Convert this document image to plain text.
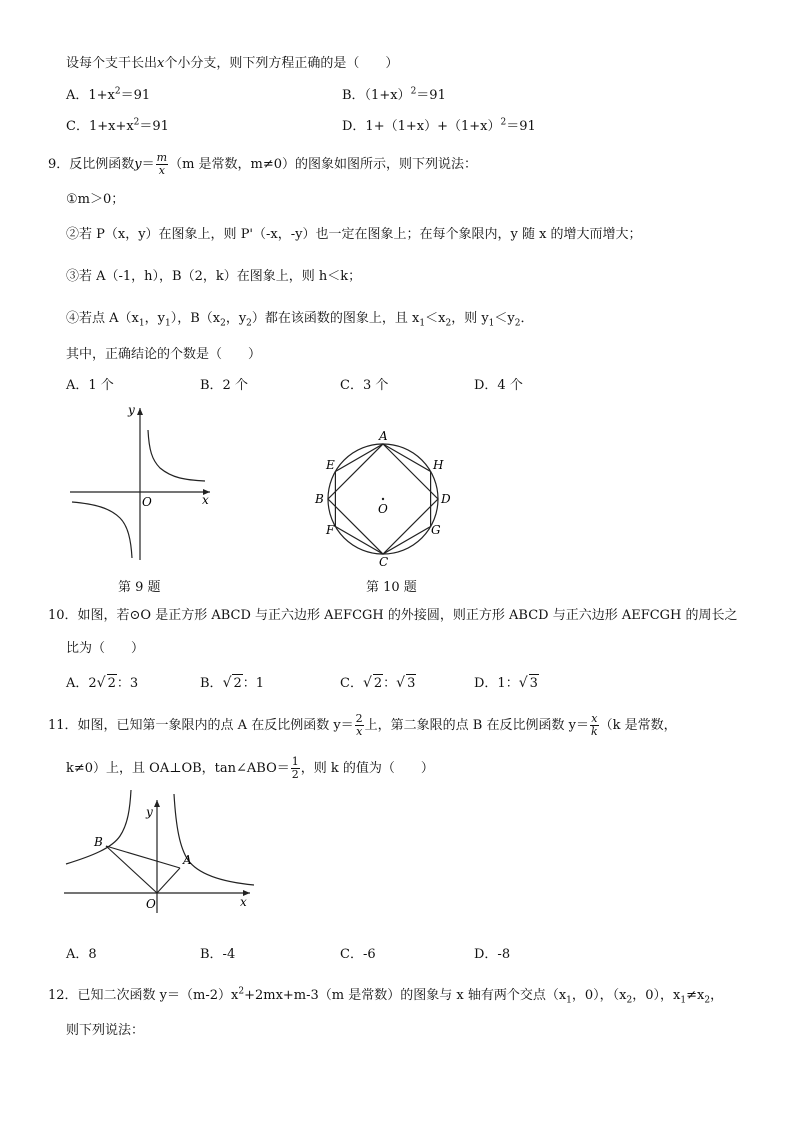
设每个支干长出x个小分支，则下列方程正确的是（　　）
A．$1+x^2=91$	B．$(1+x)^2=91$
C．$1+x+x^2=91$	D．$1+(1+x)+(1+x)^2=91$
9．反比例函数$y= \frac{m}{x} (m$ 是常数，m≠0）的图象如图所示，则下列说法：
①m＞0；
②若 P（x，y）在图象上，则 P'（-x，-y）也一定在图象上；在每个象限内，y 随 x 的增大而增大；
③若 A（-1，h），B（2，k）在图象上，则 h＜k；
④若点 $A(x_1$，$y_1$），$B(x_2$，$y_2$）都在该函数的图象上，且 $x_1<x_2$，则 $y_1<y_2$．
其中，正确结论的个数是（　　）
A．1 个	B．2 个	C．3 个	D．4 个
y
x
O
第 9 题
A
H
E
B	D
F	G
C
O
第 10 题
10．如图，若⊙O 是正方形 ABCD 与正六边形 AEFCGH 的外接圆，则正方形 ABCD 与正六边形 AEFCGH 的周长之
比为（　　）
A．2√ 2：3	B．√ 2：1	C．√ 2：√ 3	D．1：√ 3
11．如图，已知第一象限内的点 A 在反比例函数 $y= \frac{2}{x}$ 上，第二象限的点 B 在反比例函数 $y= \frac{x}{k} (k$ 是常数，
k≠0）上，且 OA⊥OB，tan∠ABO＝ $\frac{1}{2}$ ，则 k 的值为（　　）
y
x
O
A
B
A．8	B．-4	C．-6	D．-8
12．已知二次函数 $y=(m-2)x^2+2mx+m-3(m$ 是常数）的图象与 x 轴有两个交点（$x_1$，0），（$x_2$，0），$x_1\ne x_2$，
则下列说法：
